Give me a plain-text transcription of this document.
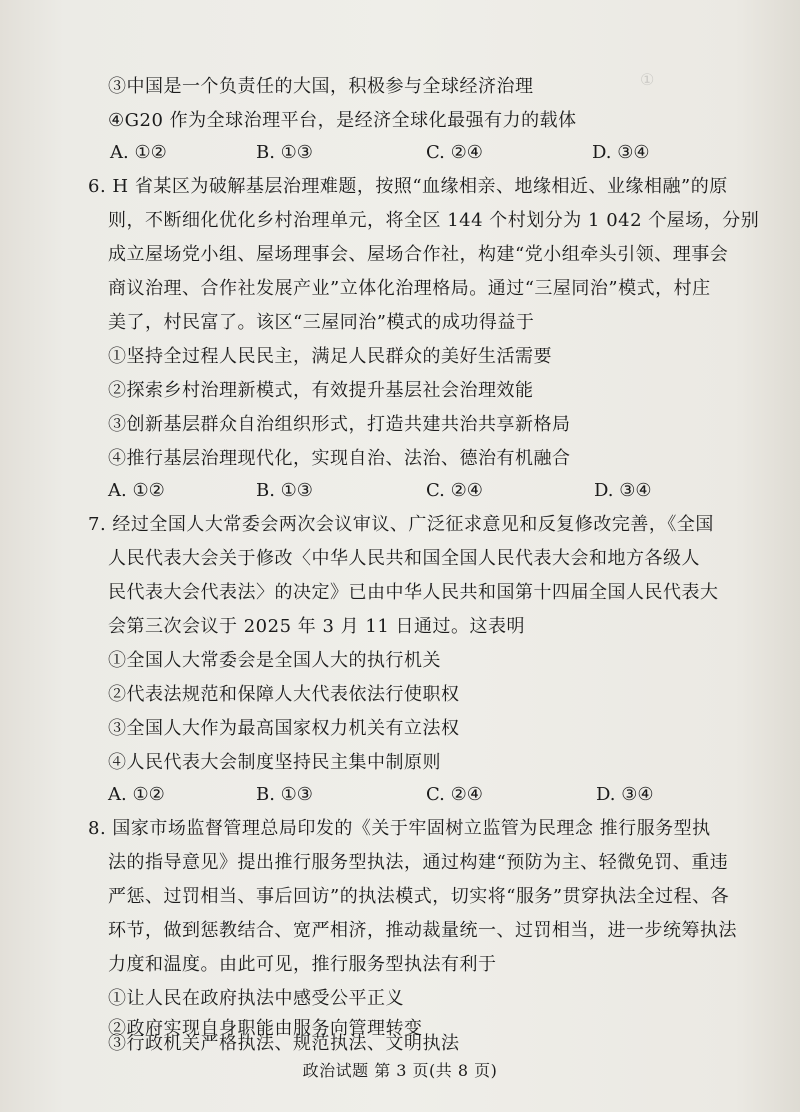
①
③中国是一个负责任的大国，积极参与全球经济治理
④G20 作为全球治理平台，是经济全球化最强有力的载体
A. ①②	B. ①③	C. ②④	D. ③④
6. H 省某区为破解基层治理难题，按照“血缘相亲、地缘相近、业缘相融”的原
则，不断细化优化乡村治理单元，将全区 144 个村划分为 1 042 个屋场，分别
成立屋场党小组、屋场理事会、屋场合作社，构建“党小组牵头引领、理事会
商议治理、合作社发展产业”立体化治理格局。通过“三屋同治”模式，村庄
美了，村民富了。该区“三屋同治”模式的成功得益于
①坚持全过程人民民主，满足人民群众的美好生活需要
②探索乡村治理新模式，有效提升基层社会治理效能
③创新基层群众自治组织形式，打造共建共治共享新格局
④推行基层治理现代化，实现自治、法治、德治有机融合
A. ①②	B. ①③	C. ②④	D. ③④
7. 经过全国人大常委会两次会议审议、广泛征求意见和反复修改完善，《全国
人民代表大会关于修改〈中华人民共和国全国人民代表大会和地方各级人
民代表大会代表法〉的决定》已由中华人民共和国第十四届全国人民代表大
会第三次会议于 2025 年 3 月 11 日通过。这表明
①全国人大常委会是全国人大的执行机关
②代表法规范和保障人大代表依法行使职权
③全国人大作为最高国家权力机关有立法权
④人民代表大会制度坚持民主集中制原则
A. ①②	B. ①③	C. ②④	D. ③④
8. 国家市场监督管理总局印发的《关于牢固树立监管为民理念 推行服务型执
法的指导意见》提出推行服务型执法，通过构建“预防为主、轻微免罚、重违
严惩、过罚相当、事后回访”的执法模式，切实将“服务”贯穿执法全过程、各
环节，做到惩教结合、宽严相济，推动裁量统一、过罚相当，进一步统筹执法
力度和温度。由此可见，推行服务型执法有利于
①让人民在政府执法中感受公平正义
②政府实现自身职能由服务向管理转变
③行政机关严格执法、规范执法、文明执法
政治试题 第 3 页(共 8 页)
